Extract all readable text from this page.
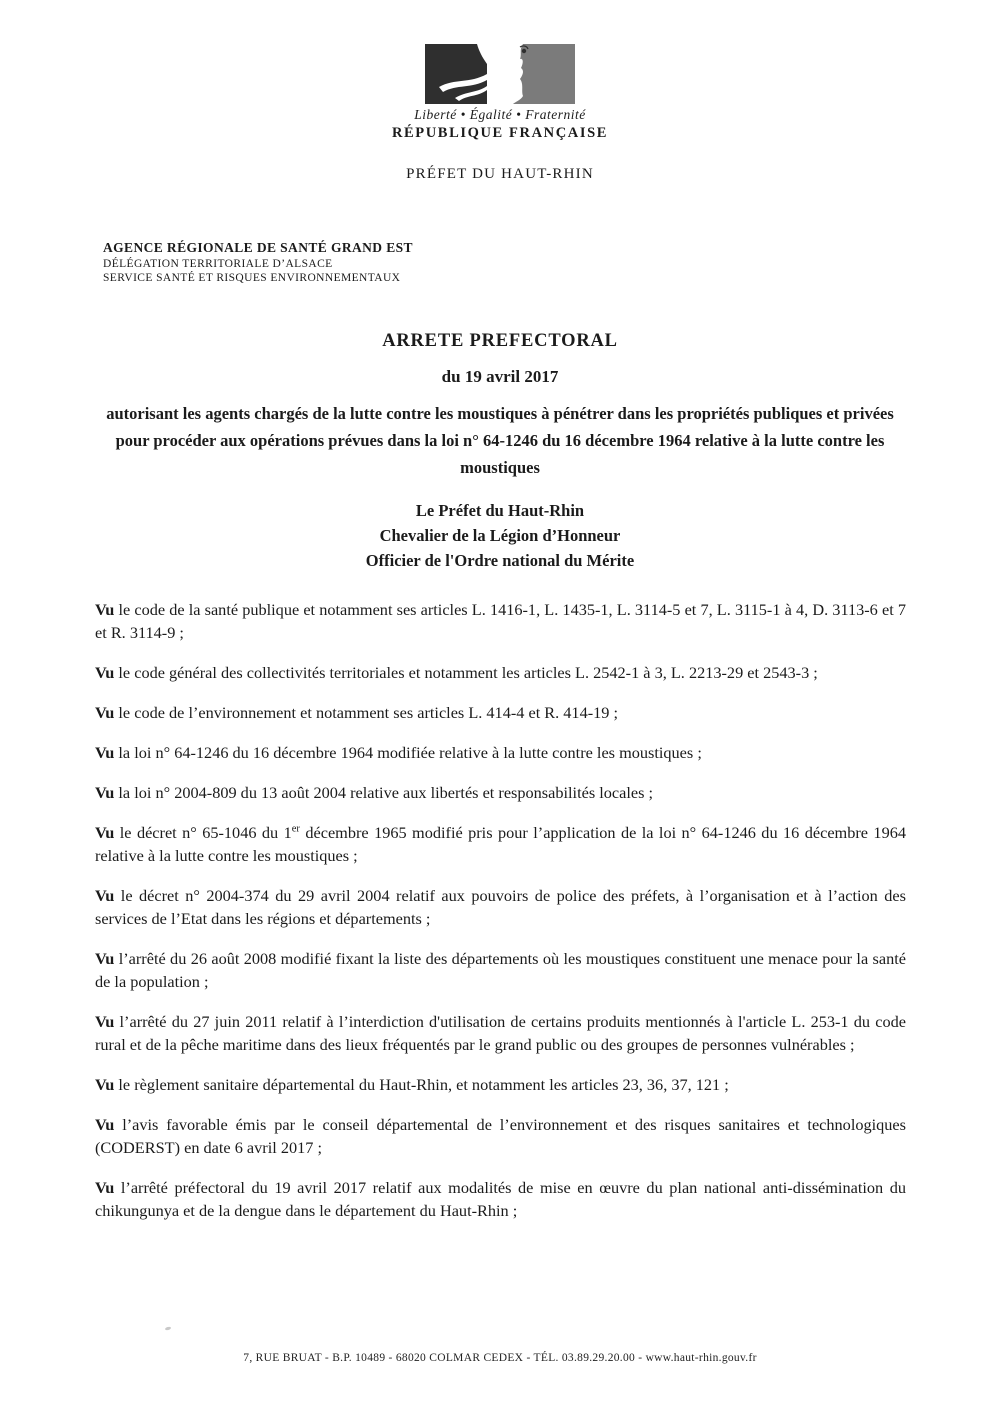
Liberté • Égalité • Fraternité
RÉPUBLIQUE FRANÇAISE
PRÉFET DU HAUT-RHIN
AGENCE RÉGIONALE DE SANTÉ GRAND EST
DÉLÉGATION TERRITORIALE D’ALSACE
SERVICE SANTÉ ET RISQUES ENVIRONNEMENTAUX
ARRETE PREFECTORAL
du 19 avril 2017
autorisant les agents chargés de la lutte contre les moustiques à pénétrer dans les propriétés publiques et privées pour procéder aux opérations prévues dans la loi n° 64-1246 du 16 décembre 1964 relative à la lutte contre les moustiques
Le Préfet du Haut-Rhin
Chevalier de la Légion d’Honneur
Officier de l'Ordre national du Mérite

Vu le code de la santé publique et notamment ses articles L. 1416-1, L. 1435-1, L. 3114-5 et 7, L. 3115-1 à 4, D. 3113-6 et 7 et R. 3114-9 ;

Vu le code général des collectivités territoriales et notamment les articles L. 2542-1 à 3, L. 2213-29 et 2543-3 ;

Vu le code de l’environnement et notamment ses articles L. 414-4 et R. 414-19 ;

Vu la loi n° 64-1246 du 16 décembre 1964 modifiée relative à la lutte contre les moustiques ;

Vu la loi n° 2004-809 du 13 août 2004 relative aux libertés et responsabilités locales ;

Vu le décret n° 65-1046 du 1er décembre 1965 modifié pris pour l’application de la loi n° 64-1246 du 16 décembre 1964 relative à la lutte contre les moustiques ;

Vu le décret n° 2004-374 du 29 avril 2004 relatif aux pouvoirs de police des préfets, à l’organisation et à l’action des services de l’Etat dans les régions et départements ;

Vu l’arrêté du 26 août 2008 modifié fixant la liste des départements où les moustiques constituent une menace pour la santé de la population ;

Vu l’arrêté du 27 juin 2011 relatif à l’interdiction d'utilisation de certains produits mentionnés à l'article L. 253-1 du code rural et de la pêche maritime dans des lieux fréquentés par le grand public ou des groupes de personnes vulnérables ;

Vu le règlement sanitaire départemental du Haut-Rhin, et notamment les articles 23, 36, 37, 121 ;

Vu l’avis favorable émis par le conseil départemental de l’environnement et des risques sanitaires et technologiques (CODERST) en date 6 avril 2017 ;

Vu l’arrêté préfectoral du 19 avril 2017 relatif aux modalités de mise en œuvre du plan national anti-dissémination du chikungunya et de la dengue dans le département du Haut-Rhin ;

7, RUE BRUAT - B.P. 10489 - 68020 COLMAR CEDEX - TÉL. 03.89.29.20.00 - www.haut-rhin.gouv.fr
